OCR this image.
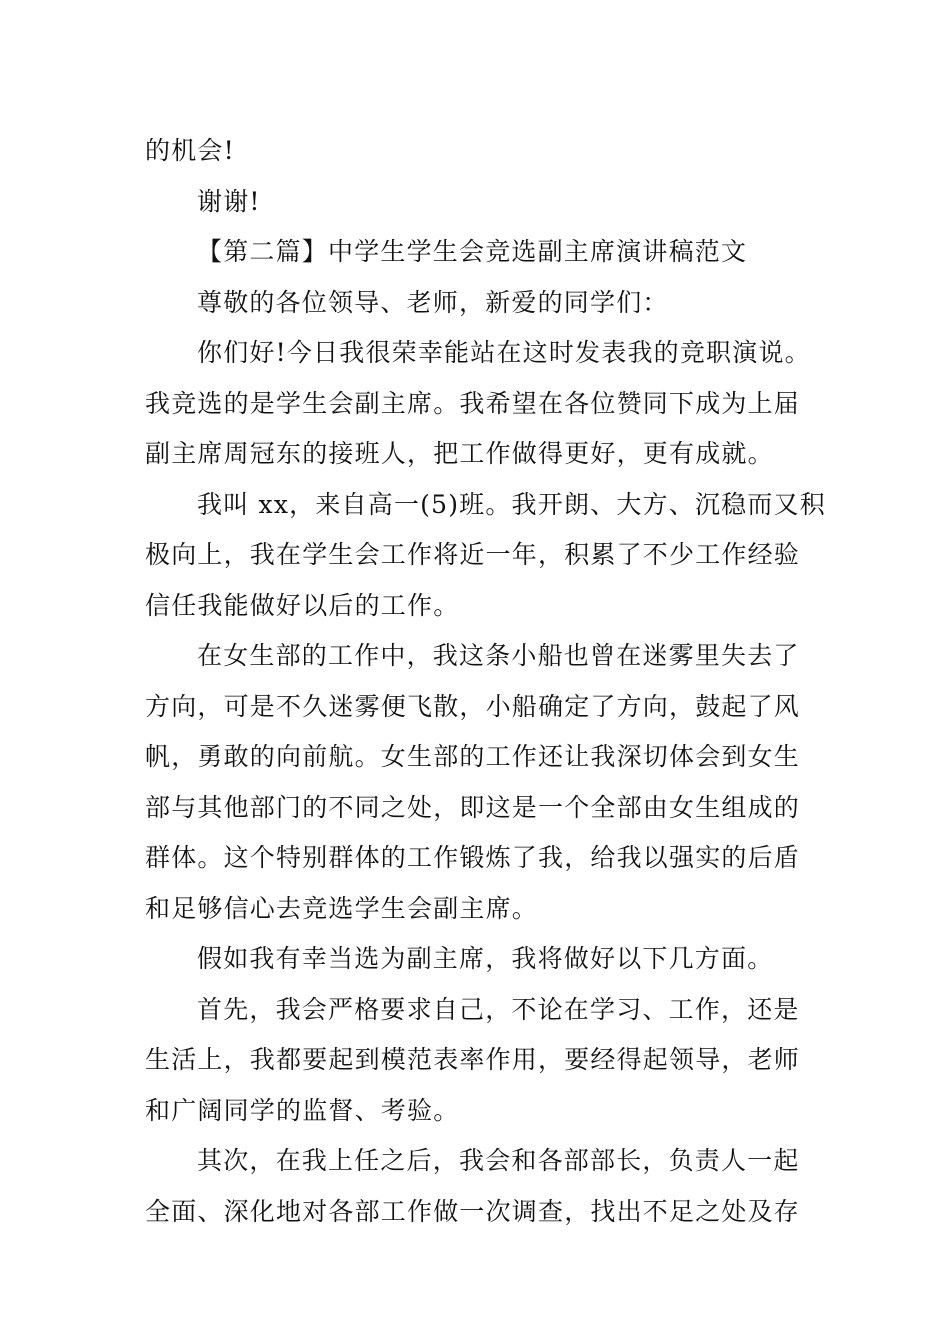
的机会!
谢谢!
【第二篇】中学生学生会竞选副主席演讲稿范文
尊敬的各位领导、老师，新爱的同学们：
你们好!今日我很荣幸能站在这时发表我的竞职演说。
我竞选的是学生会副主席。我希望在各位赞同下成为上届
副主席周冠东的接班人，把工作做得更好，更有成就。
我叫 xx，来自高一(5)班。我开朗、大方、沉稳而又积
极向上，我在学生会工作将近一年，积累了不少工作经验
信任我能做好以后的工作。
在女生部的工作中，我这条小船也曾在迷雾里失去了
方向，可是不久迷雾便飞散，小船确定了方向，鼓起了风
帆，勇敢的向前航。女生部的工作还让我深切体会到女生
部与其他部门的不同之处，即这是一个全部由女生组成的
群体。这个特别群体的工作锻炼了我，给我以强实的后盾
和足够信心去竞选学生会副主席。
假如我有幸当选为副主席，我将做好以下几方面。
首先，我会严格要求自己，不论在学习、工作，还是
生活上，我都要起到模范表率作用，要经得起领导，老师
和广阔同学的监督、考验。
其次，在我上任之后，我会和各部部长，负责人一起
全面、深化地对各部工作做一次调查，找出不足之处及存
